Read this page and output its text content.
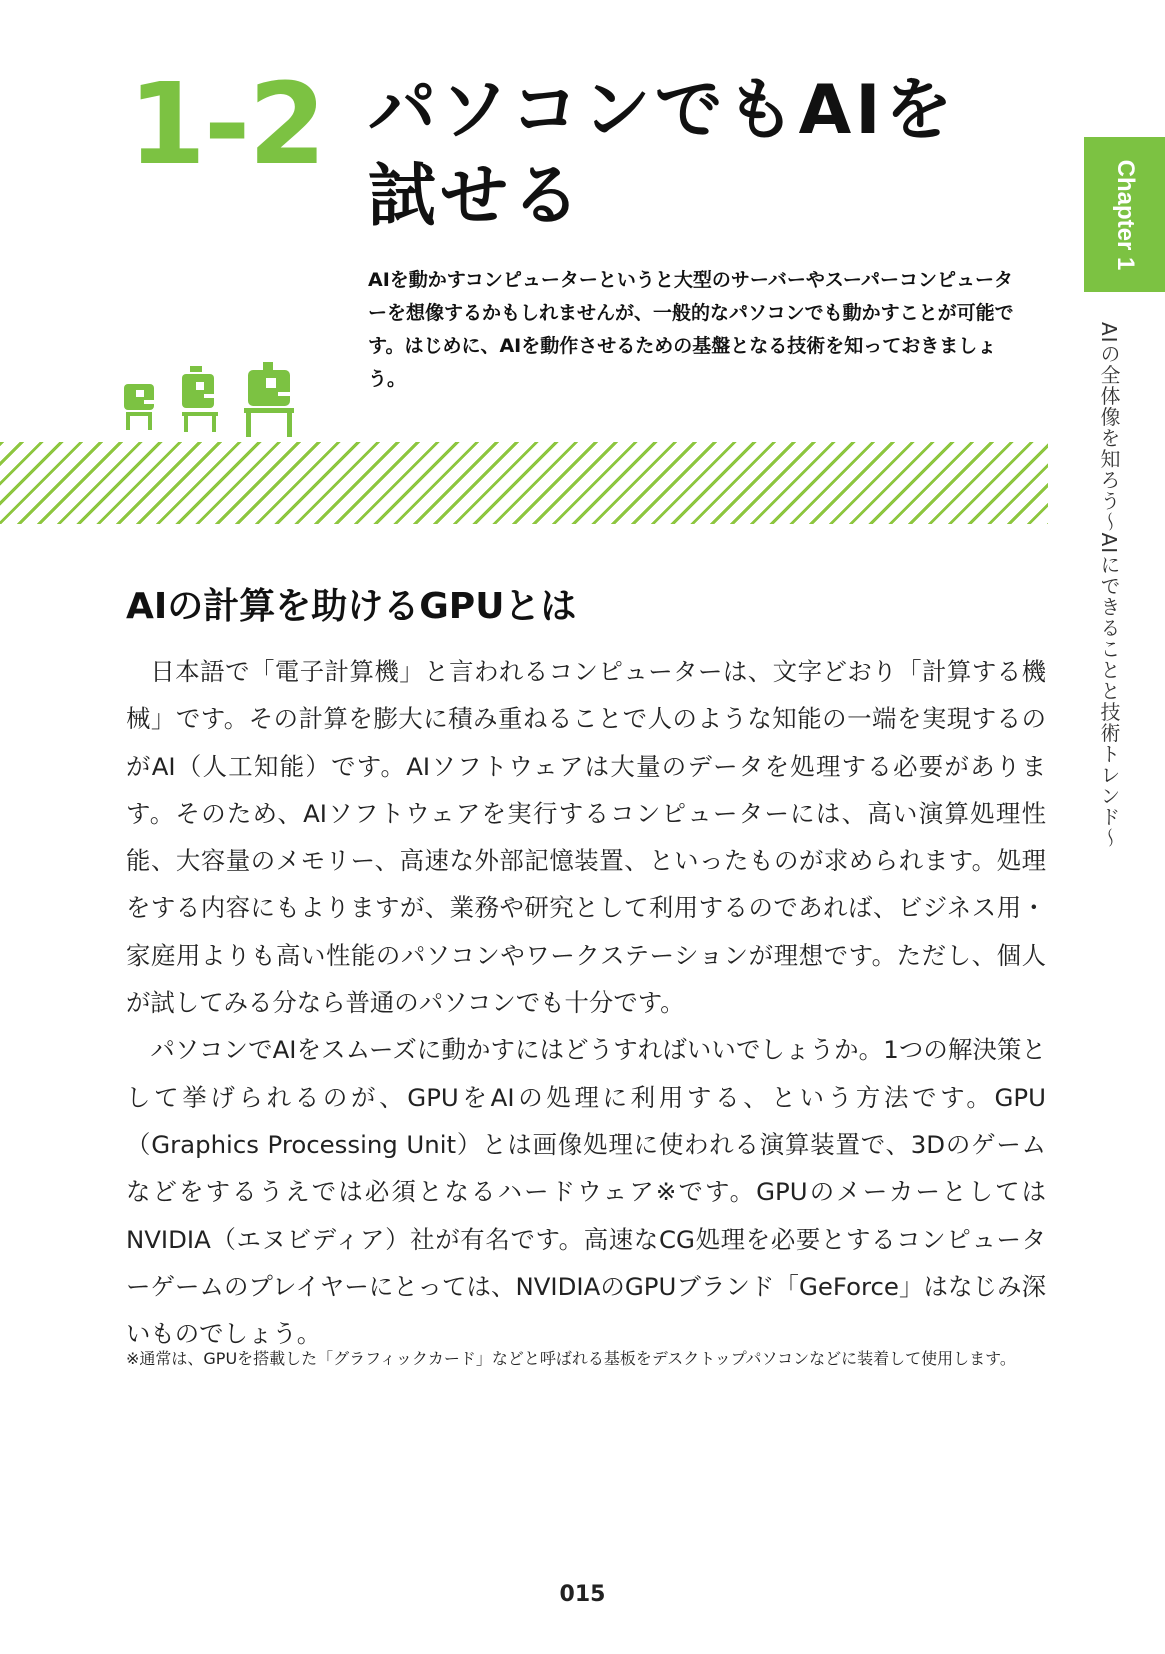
1-2 パソコンでもAIを
試せる
AIを動かすコンピューターというと大型のサーバーやスーパーコンピューターを想像するかもしれませんが、一般的なパソコンでも動かすことが可能です。はじめに、AIを動作させるための基盤となる技術を知っておきましょう。
Chapter 1
AIの全体像を知ろう～AIにできることと技術トレンド～
AIの計算を助けるGPUとは

日本語で「電子計算機」と言われるコンピューターは、文字どおり「計算する機械」です。その計算を膨大に積み重ねることで人のような知能の一端を実現するのがAI（人工知能）です。AIソフトウェアは大量のデータを処理する必要があります。そのため、AIソフトウェアを実行するコンピューターには、高い演算処理性能、大容量のメモリー、高速な外部記憶装置、といったものが求められます。処理をする内容にもよりますが、業務や研究として利用するのであれば、ビジネス用・家庭用よりも高い性能のパソコンやワークステーションが理想です。ただし、個人が試してみる分なら普通のパソコンでも十分です。

パソコンでAIをスムーズに動かすにはどうすればいいでしょうか。1つの解決策として挙げられるのが、GPUをAIの処理に利用する、という方法です。GPU（Graphics Processing Unit）とは画像処理に使われる演算装置で、3Dのゲームなどをするうえでは必須となるハードウェア※です。GPUのメーカーとしてはNVIDIA（エヌビディア）社が有名です。高速なCG処理を必要とするコンピューターゲームのプレイヤーにとっては、NVIDIAのGPUブランド「GeForce」はなじみ深いものでしょう。

※通常は、GPUを搭載した「グラフィックカード」などと呼ばれる基板をデスクトップパソコンなどに装着して使用します。
015
